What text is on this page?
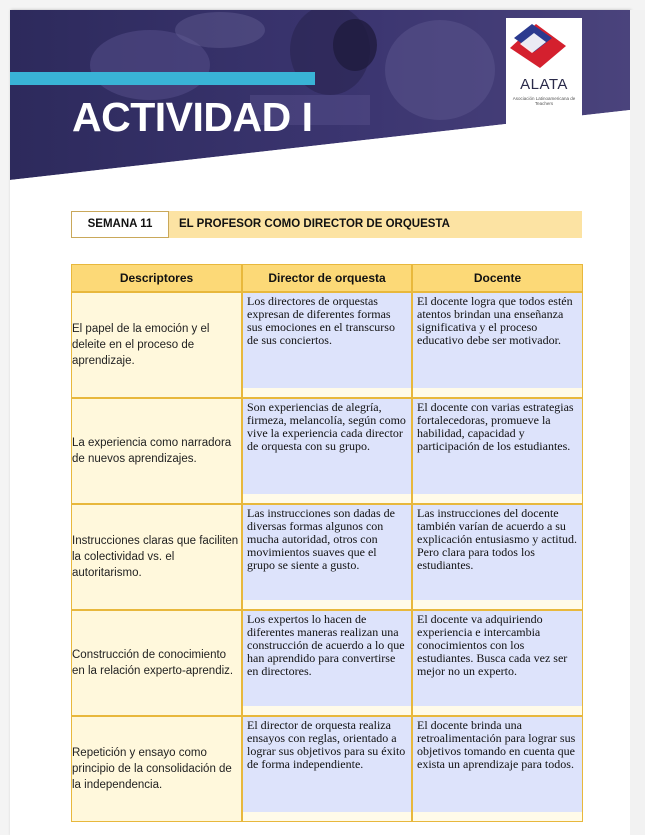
ACTIVIDAD I
ALATA
Asociación Latinoamericana de Teachers
SEMANA 11	EL PROFESOR COMO DIRECTOR DE ORQUESTA
Descriptores	Director de orquesta	Docente
El papel de la emoción y el deleite en el proceso de aprendizaje.	Los directores de orquestas expresan de diferentes formas sus emociones en el transcurso de sus conciertos.	El docente logra que todos estén atentos brindan una enseñanza significativa y el proceso educativo debe ser motivador.

La experiencia como narradora de nuevos aprendizajes.	Son experiencias de alegría, firmeza, melancolía, según como vive la experiencia cada director de orquesta con su grupo.	El docente con varias estrategias fortalecedoras, promueve la habilidad, capacidad y participación de los estudiantes.

Instrucciones claras que faciliten la colectividad vs. el autoritarismo.	Las instrucciones son dadas de diversas formas algunos con mucha autoridad, otros con movimientos suaves que el grupo se siente a gusto.	Las instrucciones del docente también varían de acuerdo a su explicación entusiasmo y actitud. Pero clara para todos los estudiantes.

Construcción de conocimiento en la relación experto-aprendiz.	Los expertos lo hacen de diferentes maneras realizan una construcción de acuerdo a lo que han aprendido para convertirse en directores.	El docente va adquiriendo experiencia e intercambia conocimientos con los estudiantes. Busca cada vez ser mejor no un experto.

Repetición y ensayo como principio de la consolidación de la independencia.	El director de orquesta realiza ensayos con reglas, orientado a lograr sus objetivos para su éxito de forma independiente.	El docente brinda una retroalimentación para lograr sus objetivos tomando en cuenta que exista un aprendizaje para todos.
